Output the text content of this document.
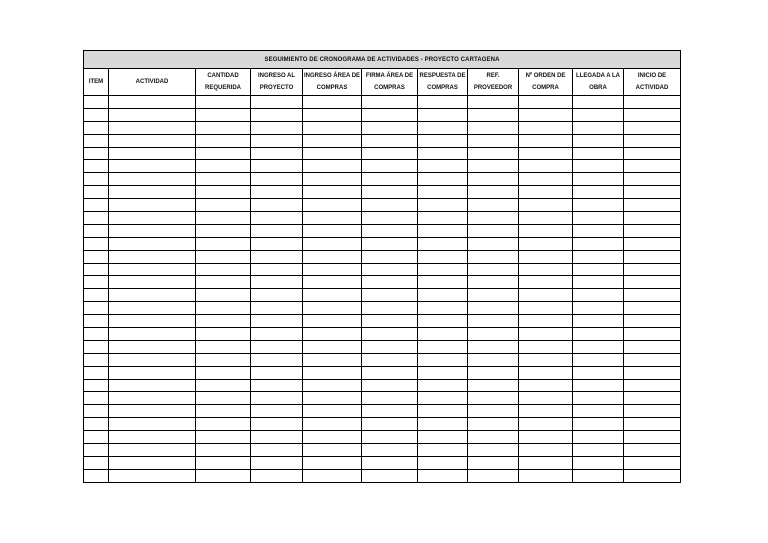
SEGUIMIENTO DE CRONOGRAMA DE ACTIVIDADES - PROYECTO CARTAGENA										
ITEM	ACTIVIDAD	CANTIDAD REQUERIDA	INGRESO AL PROYECTO	INGRESO ÁREA DE COMPRAS	FIRMA ÁREA DE COMPRAS	RESPUESTA DE COMPRAS	REF. PROVEEDOR	Nº ORDEN DE COMPRA	LLEGADA A LA OBRA	INICIO DE ACTIVIDAD
